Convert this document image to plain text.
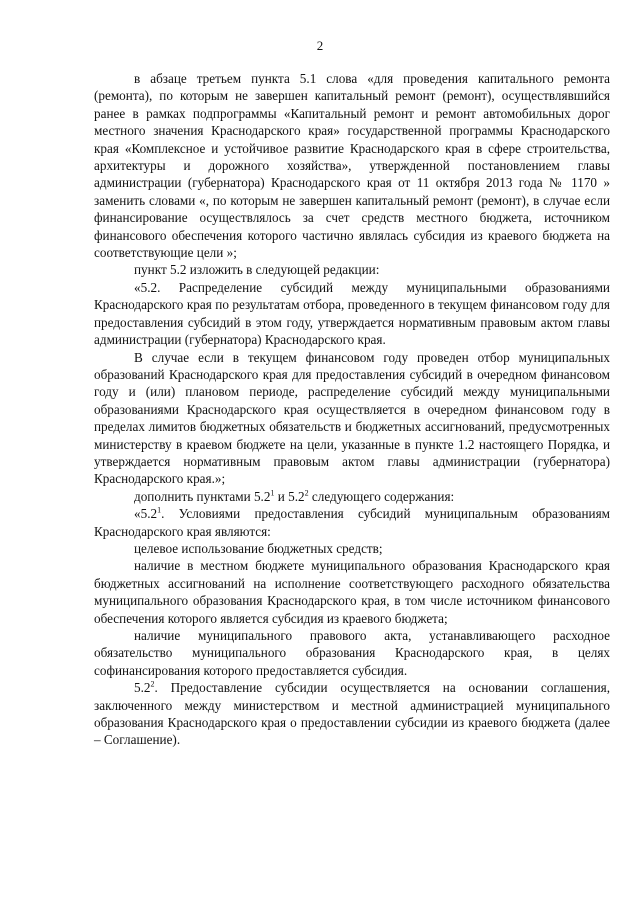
2

в абзаце третьем пункта 5.1 слова «для проведения капитального ремонта (ремонта), по которым не завершен капитальный ремонт (ремонт), осуществлявшийся ранее в рамках подпрограммы «Капитальный ремонт и ремонт автомобильных дорог местного значения Краснодарского края» государственной программы Краснодарского края «Комплексное и устойчивое развитие Краснодарского края в сфере строительства, архитектуры и дорожного хозяйства», утвержденной постановлением главы администрации (губернатора) Краснодарского края от 11 октября 2013 года № 1170 » заменить словами «, по которым не завершен капитальный ремонт (ремонт), в случае если финансирование осуществлялось за счет средств местного бюджета, источником финансового обеспечения которого частично являлась субсидия из краевого бюджета на соответствующие цели »;

пункт 5.2 изложить в следующей редакции:

«5.2. Распределение субсидий между муниципальными образованиями Краснодарского края по результатам отбора, проведенного в текущем финансовом году для предоставления субсидий в этом году, утверждается нормативным правовым актом главы администрации (губернатора) Краснодарского края.

В случае если в текущем финансовом году проведен отбор муниципальных образований Краснодарского края для предоставления субсидий в очередном финансовом году и (или) плановом периоде, распределение субсидий между муниципальными образованиями Краснодарского края осуществляется в очередном финансовом году в пределах лимитов бюджетных обязательств и бюджетных ассигнований, предусмотренных министерству в краевом бюджете на цели, указанные в пункте 1.2 настоящего Порядка, и утверждается нормативным правовым актом главы администрации (губернатора) Краснодарского края.»;

дополнить пунктами $5.2^1$ и $5.2^2$ следующего содержания:

«$5.2^1$. Условиями предоставления субсидий муниципальным образованиям Краснодарского края являются:

целевое использование бюджетных средств;

наличие в местном бюджете муниципального образования Краснодарского края бюджетных ассигнований на исполнение соответствующего расходного обязательства муниципального образования Краснодарского края, в том числе источником финансового обеспечения которого является субсидия из краевого бюджета;

наличие муниципального правового акта, устанавливающего расходное обязательство муниципального образования Краснодарского края, в целях софинансирования которого предоставляется субсидия.

$5.2^2$. Предоставление субсидии осуществляется на основании соглашения, заключенного между министерством и местной администрацией муниципального образования Краснодарского края о предоставлении субсидии из краевого бюджета (далее – Соглашение).
